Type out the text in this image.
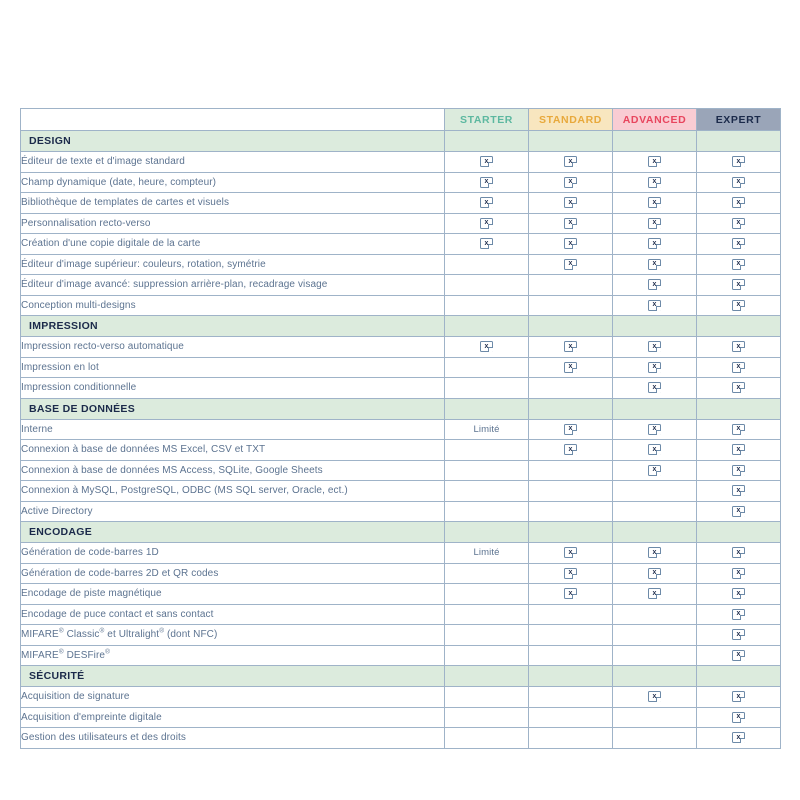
	STARTER	STANDARD	ADVANCED	EXPERT
DESIGN				
Éditeur de texte et d'image standard	x	x	x	x

Champ dynamique (date, heure, compteur)	x	x	x	x

Bibliothèque de templates de cartes et visuels	x	x	x	x

Personnalisation recto-verso	x	x	x	x

Création d'une copie digitale de la carte	x	x	x	x

Éditeur d'image supérieur: couleurs, rotation, symétrie		x	x	x

Éditeur d'image avancé: suppression arrière-plan, recadrage visage			x	x

Conception multi-designs			x	x

IMPRESSION				
Impression recto-verso automatique	x	x	x	x

Impression en lot		x	x	x

Impression conditionnelle			x	x

BASE DE DONNÉES				
Interne	Limité	x	x	x

Connexion à base de données MS Excel, CSV et TXT		x	x	x

Connexion à base de données MS Access, SQLite, Google Sheets			x	x

Connexion à MySQL, PostgreSQL, ODBC (MS SQL server, Oracle, ect.)				x

Active Directory				x

ENCODAGE				
Génération de code-barres 1D	Limité	x	x	x

Génération de code-barres 2D et QR codes		x	x	x

Encodage de piste magnétique		x	x	x

Encodage de puce contact et sans contact				x

MIFARE® Classic® et Ultralight® (dont NFC)				x

MIFARE® DESFire®				x

SÉCURITÉ				
Acquisition de signature			x	x

Acquisition d'empreinte digitale				x

Gestion des utilisateurs et des droits				x
